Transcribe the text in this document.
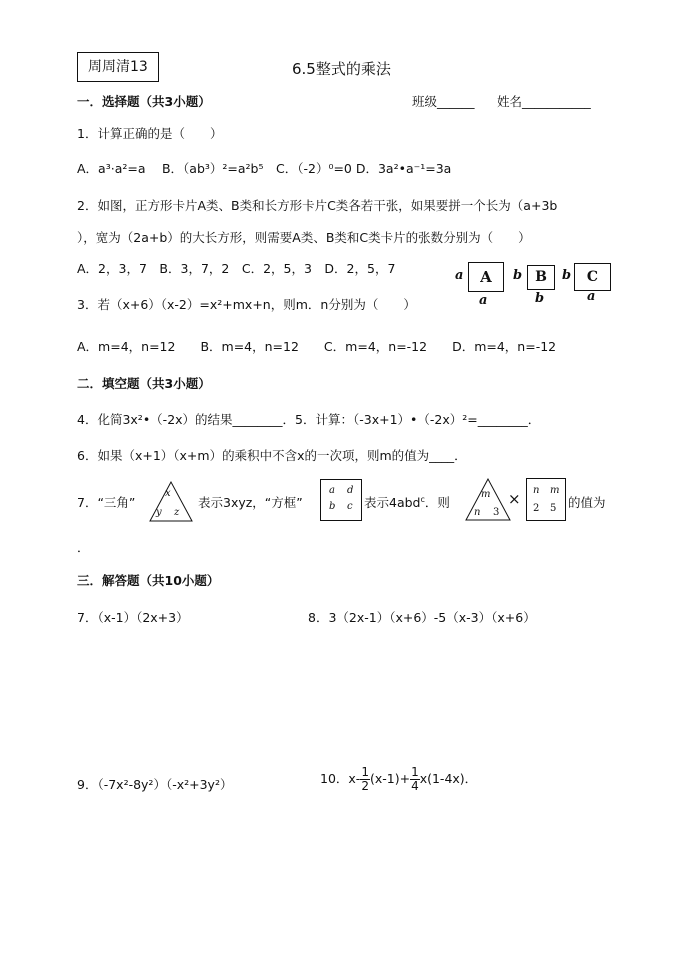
周周清13	6.5整式的乘法
一．选择题（共3小题）	班级______ 姓名___________
1．计算正确的是（　　）
A．a³·a²=a　 B．（ab³）²=a²b⁵　C．（-2）⁰=0 D．3a²•a⁻¹=3a
2．如图，正方形卡片A类、B类和长方形卡片C类各若干张，如果要拼一个长为（a+3b
），宽为（2a+b）的大长方形，则需要A类、B类和C类卡片的张数分别为（　　）
A．2，3，7　B．3，7，2　C．2，5，3　D．2，5，7	a	A
a
b B
b
b	C
a
3．若（x+6）（x-2）=x²+mx+n，则m．n分别为（　　）
A．m=4，n=12　　B．m=4，n=12　　C．m=4，n=-12　　D．m=4，n=-12
二．填空题（共3小题）
4．化简3x²•（-2x）的结果________．5．计算：（-3x+1）•（-2x）²=________．
6．如果（x+1）（x+m）的乘积中不含x的一次项，则m的值为____．
7．“三角”
x
y z
表示3xyz，“方框”
a d
b c 表示4abd$^c$．则
m
n 3
× n m
2 5 的值为
．
三．解答题（共10小题）
7．（x-1）（2x+3）	8．3（2x-1）（x+6）-5（x-3）（x+6）
9．（-7x²-8y²）（-x²+3y²）	10．$x- \frac{1}{2} (x-1)+ \frac{1}{4} x(1-4x)$．
